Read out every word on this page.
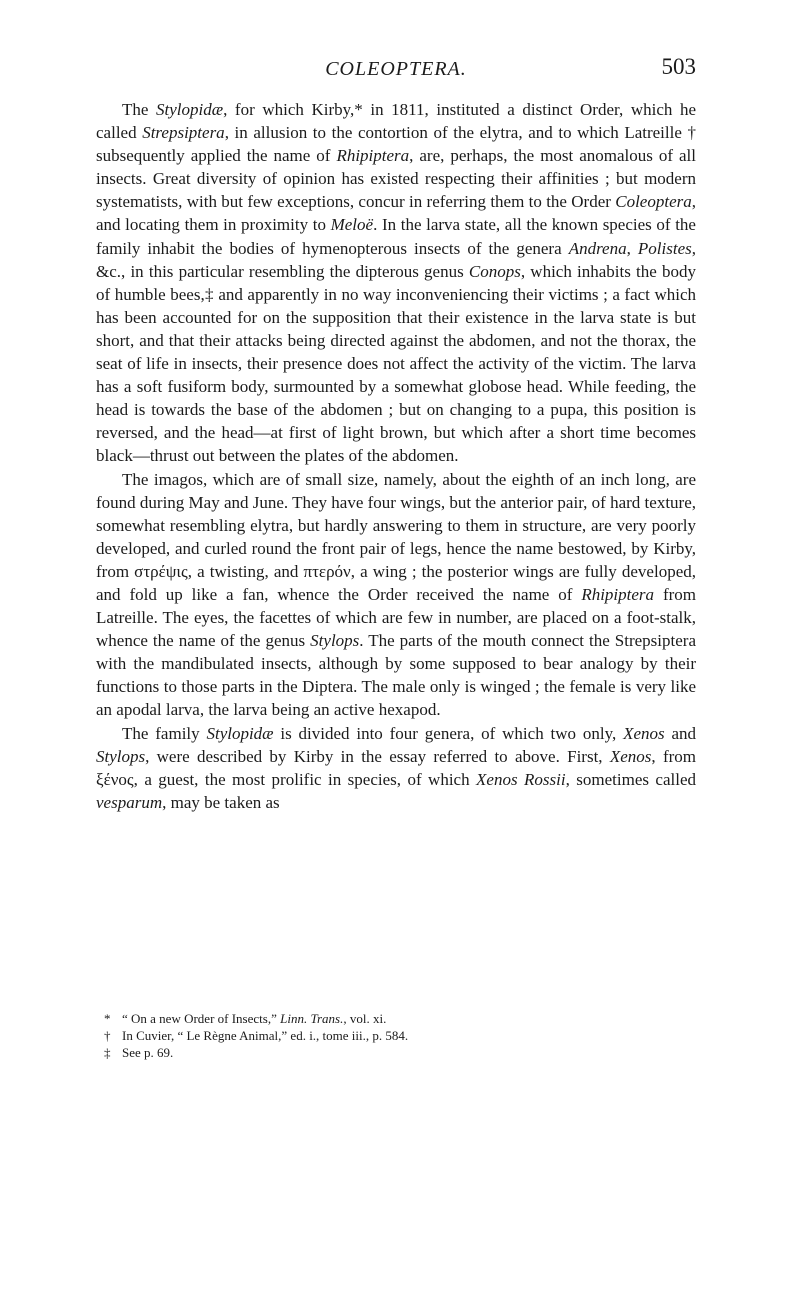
COLEOPTERA.	503

The Stylopidæ, for which Kirby,* in 1811, instituted a distinct Order, which he called Strepsiptera, in allusion to the contortion of the elytra, and to which Latreille † subsequently applied the name of Rhipiptera, are, perhaps, the most anomalous of all insects. Great diversity of opinion has existed respecting their affinities ; but modern systematists, with but few exceptions, concur in referring them to the Order Coleoptera, and locating them in proximity to Meloë. In the larva state, all the known species of the family inhabit the bodies of hymenopterous insects of the genera Andrena, Polistes, &c., in this particular resembling the dipterous genus Conops, which inhabits the body of humble bees,‡ and apparently in no way inconveniencing their victims ; a fact which has been accounted for on the supposition that their existence in the larva state is but short, and that their attacks being directed against the abdomen, and not the thorax, the seat of life in insects, their presence does not affect the activity of the victim. The larva has a soft fusiform body, surmounted by a somewhat globose head. While feeding, the head is towards the base of the abdomen ; but on changing to a pupa, this position is reversed, and the head—at first of light brown, but which after a short time becomes black—thrust out between the plates of the abdomen.

The imagos, which are of small size, namely, about the eighth of an inch long, are found during May and June. They have four wings, but the anterior pair, of hard texture, somewhat resembling elytra, but hardly answering to them in structure, are very poorly developed, and curled round the front pair of legs, hence the name bestowed, by Kirby, from στρέψις, a twisting, and πτερόν, a wing ; the posterior wings are fully developed, and fold up like a fan, whence the Order received the name of Rhipiptera from Latreille. The eyes, the facettes of which are few in number, are placed on a foot-stalk, whence the name of the genus Stylops. The parts of the mouth connect the Strepsiptera with the mandibulated insects, although by some supposed to bear analogy by their functions to those parts in the Diptera. The male only is winged ; the female is very like an apodal larva, the larva being an active hexapod.

The family Stylopidæ is divided into four genera, of which two only, Xenos and Stylops, were described by Kirby in the essay referred to above. First, Xenos, from ξένος, a guest, the most prolific in species, of which Xenos Rossii, sometimes called vesparum, may be taken as

* “ On a new Order of Insects,” Linn. Trans., vol. xi.
† In Cuvier, “ Le Règne Animal,” ed. i., tome iii., p. 584.
‡ See p. 69.
